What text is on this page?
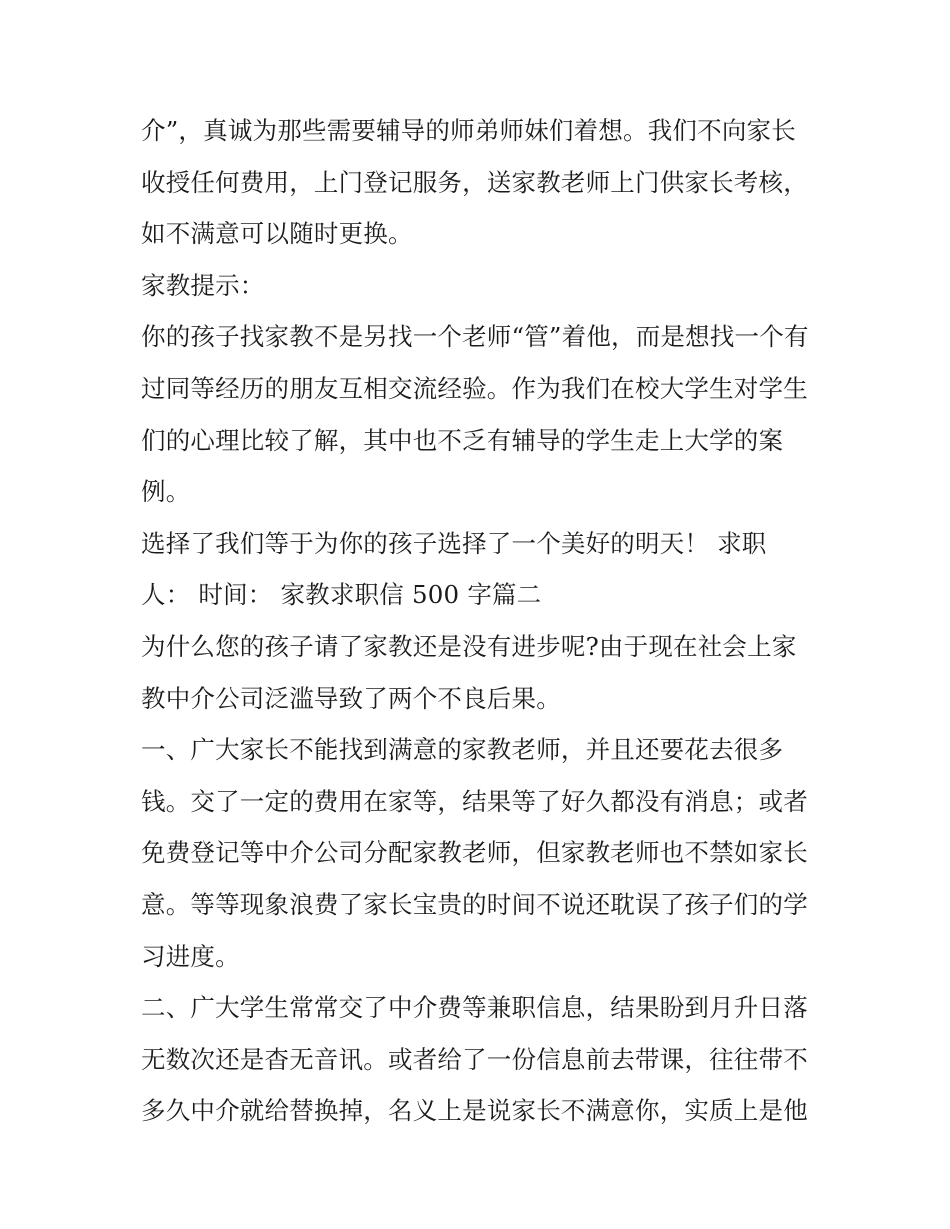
介”，真诚为那些需要辅导的师弟师妹们着想。我们不向家长
收授任何费用，上门登记服务，送家教老师上门供家长考核，
如不满意可以随时更换。
家教提示：
你的孩子找家教不是另找一个老师“管”着他，而是想找一个有
过同等经历的朋友互相交流经验。作为我们在校大学生对学生
们的心理比较了解，其中也不乏有辅导的学生走上大学的案
例。
选择了我们等于为你的孩子选择了一个美好的明天！ 求职
人： 时间： 家教求职信 500 字篇二
为什么您的孩子请了家教还是没有进步呢?由于现在社会上家
教中介公司泛滥导致了两个不良后果。
一、广大家长不能找到满意的家教老师，并且还要花去很多
钱。交了一定的费用在家等，结果等了好久都没有消息；或者
免费登记等中介公司分配家教老师，但家教老师也不禁如家长
意。等等现象浪费了家长宝贵的时间不说还耽误了孩子们的学
习进度。
二、广大学生常常交了中介费等兼职信息，结果盼到月升日落
无数次还是杳无音讯。或者给了一份信息前去带课，往往带不
多久中介就给替换掉，名义上是说家长不满意你，实质上是他
